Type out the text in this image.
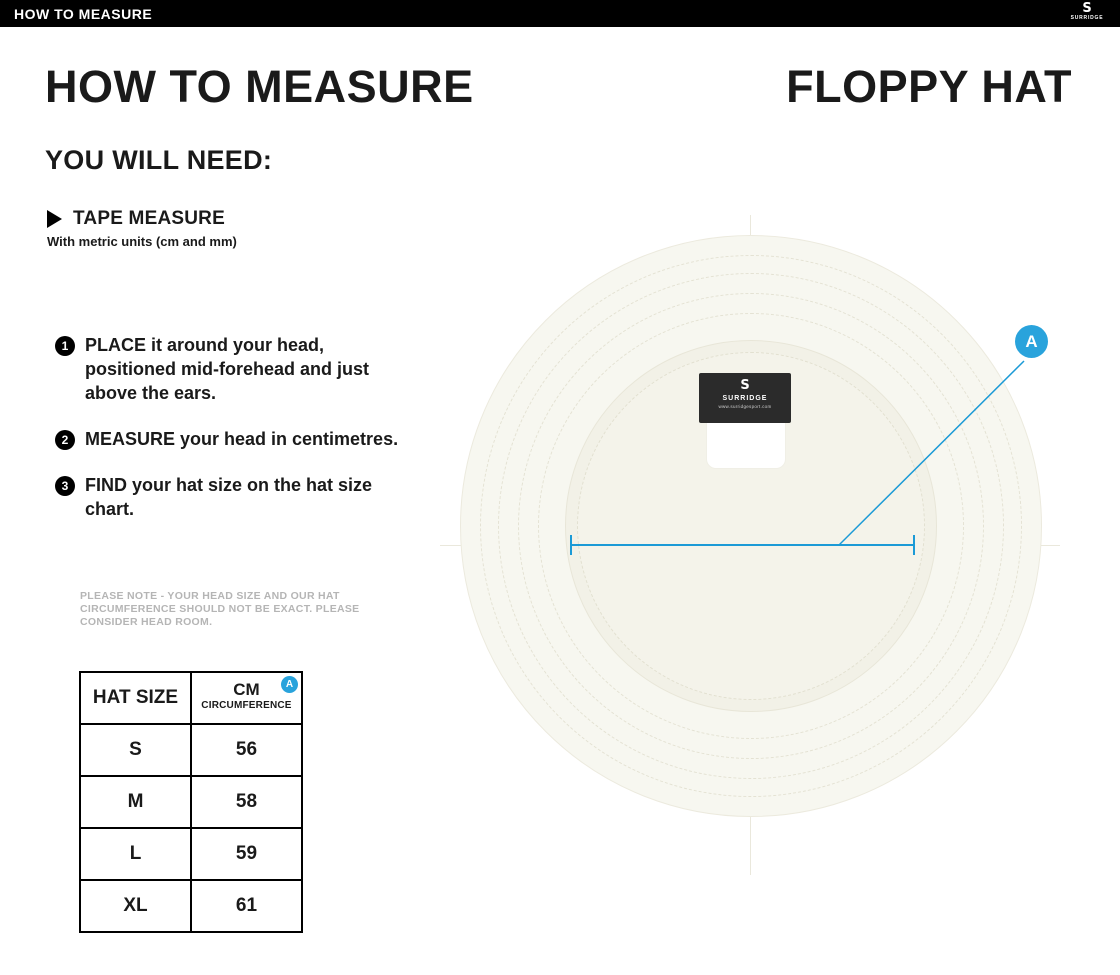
HOW TO MEASURE	S
SURRIDGE
HOW TO MEASURE	FLOPPY HAT
YOU WILL NEED:
TAPE MEASURE
With metric units (cm and mm)
1 PLACE it around your head, positioned mid-forehead and just above the ears.
2 MEASURE your head in centimetres.
3 FIND your hat size on the hat size chart.
PLEASE NOTE - YOUR HEAD SIZE AND OUR HAT CIRCUMFERENCE SHOULD NOT BE EXACT. PLEASE CONSIDER HEAD ROOM.
HAT SIZE	CM
CIRCUMFERENCE
A

S	56
M	58
L	59
XL	61
S
SURRIDGE
www.surridgesport.com
A
